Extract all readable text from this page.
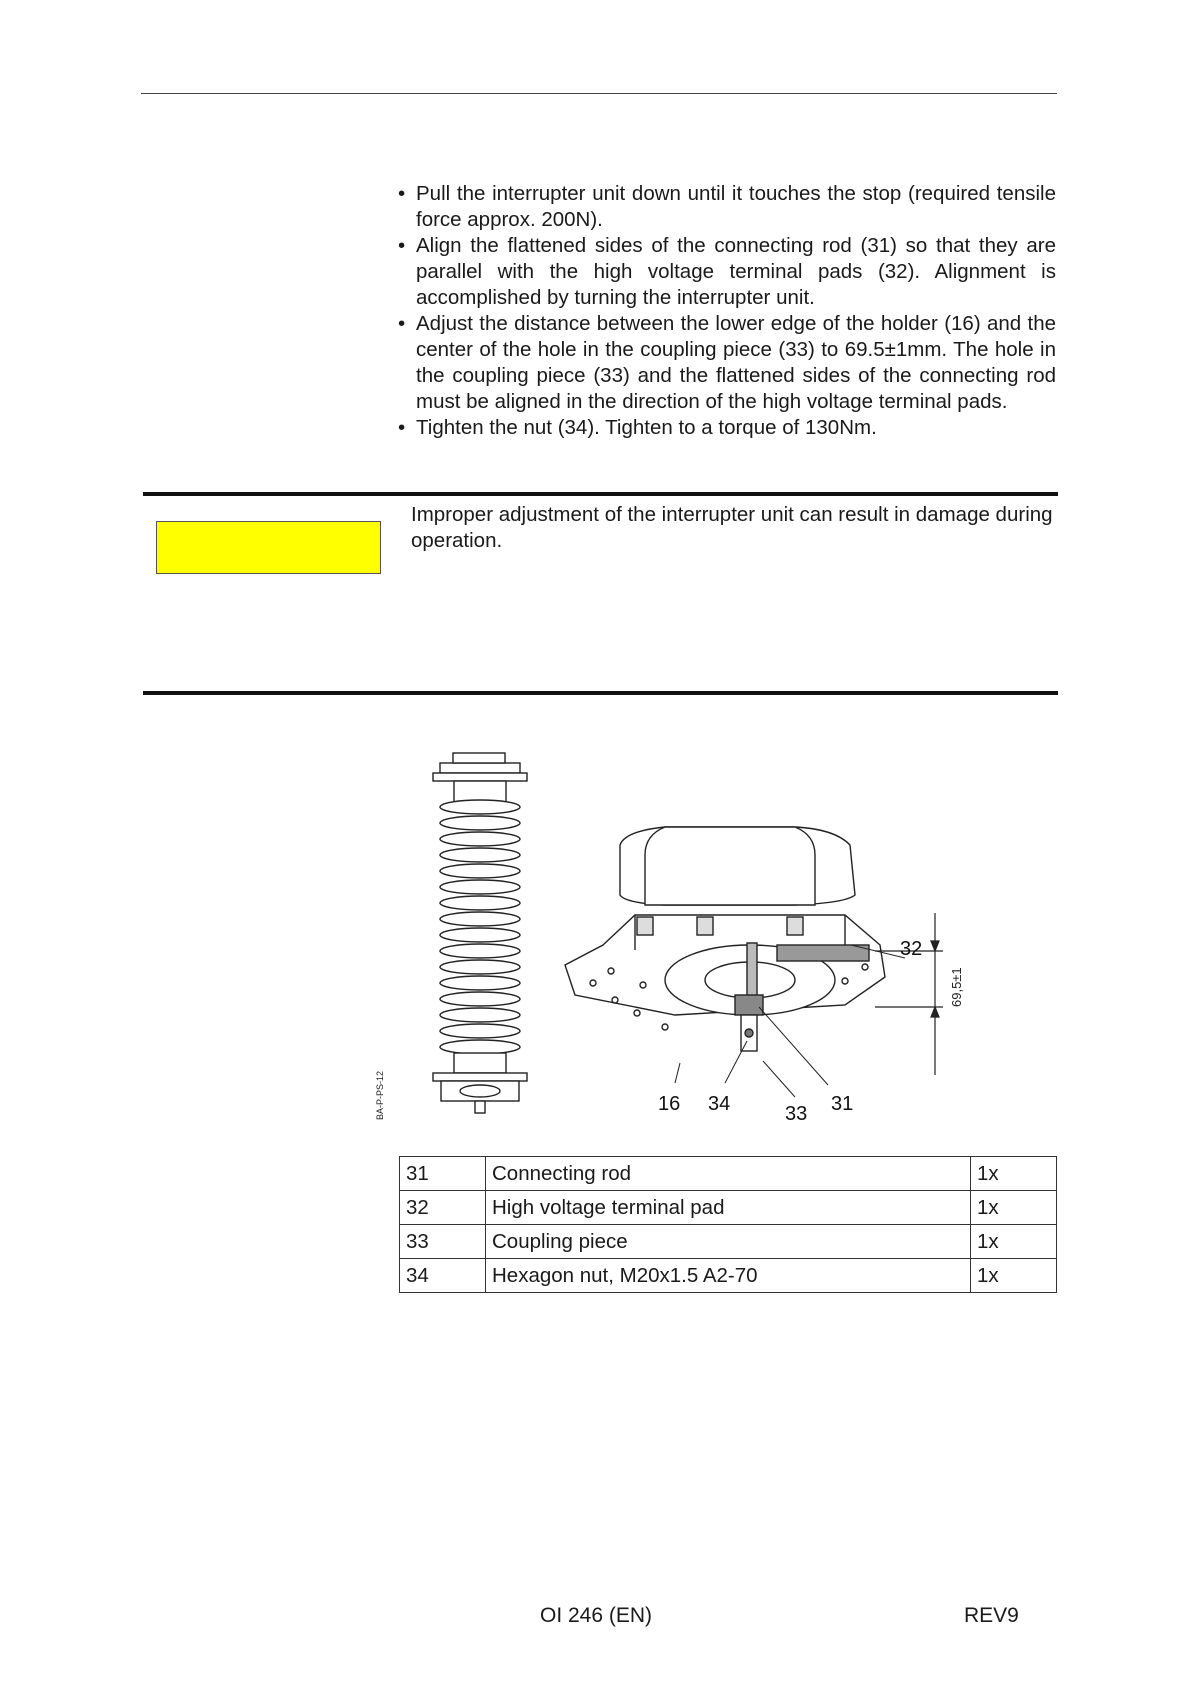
• Pull the interrupter unit down until it touches the stop (required tensile force approx. 200N).
• Align the flattened sides of the connecting rod (31) so that they are parallel with the high voltage terminal pads (32). Alignment is accomplished by turning the interrupter unit.
• Adjust the distance between the lower edge of the holder (16) and the center of the hole in the coupling piece (33) to 69.5±1mm. The hole in the coupling piece (33) and the flattened sides of the connecting rod must be aligned in the direction of the high voltage terminal pads.
• Tighten the nut (34). Tighten to a torque of 130Nm.
Improper adjustment of the interrupter unit can result in damage during operation.
BA-P-PS-12
69,5±1
16 34	33 31
32
31	Connecting rod	1x
32	High voltage terminal pad	1x
33	Coupling piece	1x
34	Hexagon nut, M20x1.5 A2-70	1x
OI 246 (EN)	REV9
